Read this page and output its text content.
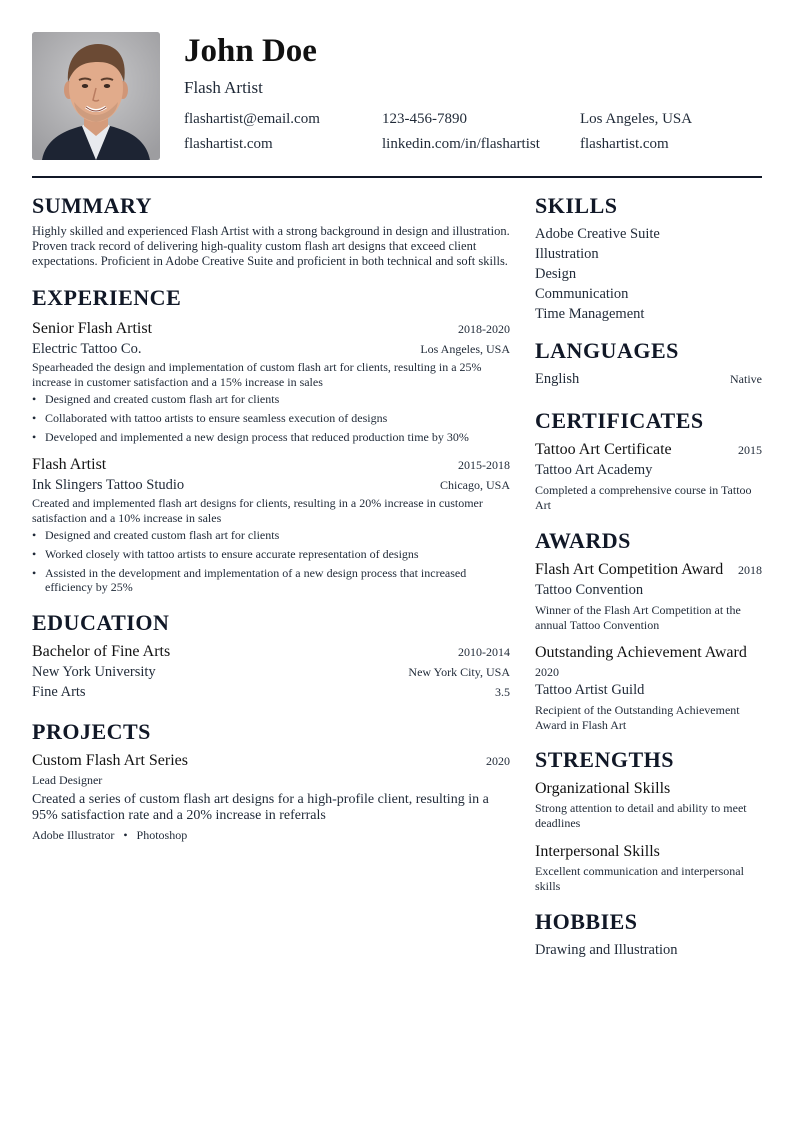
John Doe
Flash Artist
flashartist@email.com	123-456-7890	Los Angeles, USA
flashartist.com	linkedin.com/in/flashartist	flashartist.com
SUMMARY
Highly skilled and experienced Flash Artist with a strong background in design and illustration. Proven track record of delivering high-quality custom flash art designs that exceed client expectations. Proficient in Adobe Creative Suite and proficient in both technical and soft skills.
EXPERIENCE
Senior Flash Artist	2018-2020
Electric Tattoo Co.	Los Angeles, USA
Spearheaded the design and implementation of custom flash art for clients, resulting in a 25% increase in customer satisfaction and a 15% increase in sales
• Designed and created custom flash art for clients
• Collaborated with tattoo artists to ensure seamless execution of designs
• Developed and implemented a new design process that reduced production time by 30%
Flash Artist	2015-2018
Ink Slingers Tattoo Studio	Chicago, USA
Created and implemented flash art designs for clients, resulting in a 20% increase in customer satisfaction and a 10% increase in sales
• Designed and created custom flash art for clients
• Worked closely with tattoo artists to ensure accurate representation of designs
• Assisted in the development and implementation of a new design process that increased efficiency by 25%
EDUCATION
Bachelor of Fine Arts	2010-2014
New York University	New York City, USA
Fine Arts	3.5
PROJECTS
Custom Flash Art Series	2020
Lead Designer
Created a series of custom flash art designs for a high-profile client, resulting in a 95% satisfaction rate and a 20% increase in referrals
Adobe Illustrator • Photoshop
SKILLS
Adobe Creative Suite
Illustration
Design
Communication
Time Management
LANGUAGES
English	Native
CERTIFICATES
Tattoo Art Certificate	2015
Tattoo Art Academy
Completed a comprehensive course in Tattoo Art
AWARDS
Flash Art Competition Award 2018
Tattoo Convention
Winner of the Flash Art Competition at the annual Tattoo Convention
Outstanding Achievement Award
2020
Tattoo Artist Guild
Recipient of the Outstanding Achievement Award in Flash Art
STRENGTHS
Organizational Skills
Strong attention to detail and ability to meet deadlines
Interpersonal Skills
Excellent communication and interpersonal skills
HOBBIES
Drawing and Illustration
